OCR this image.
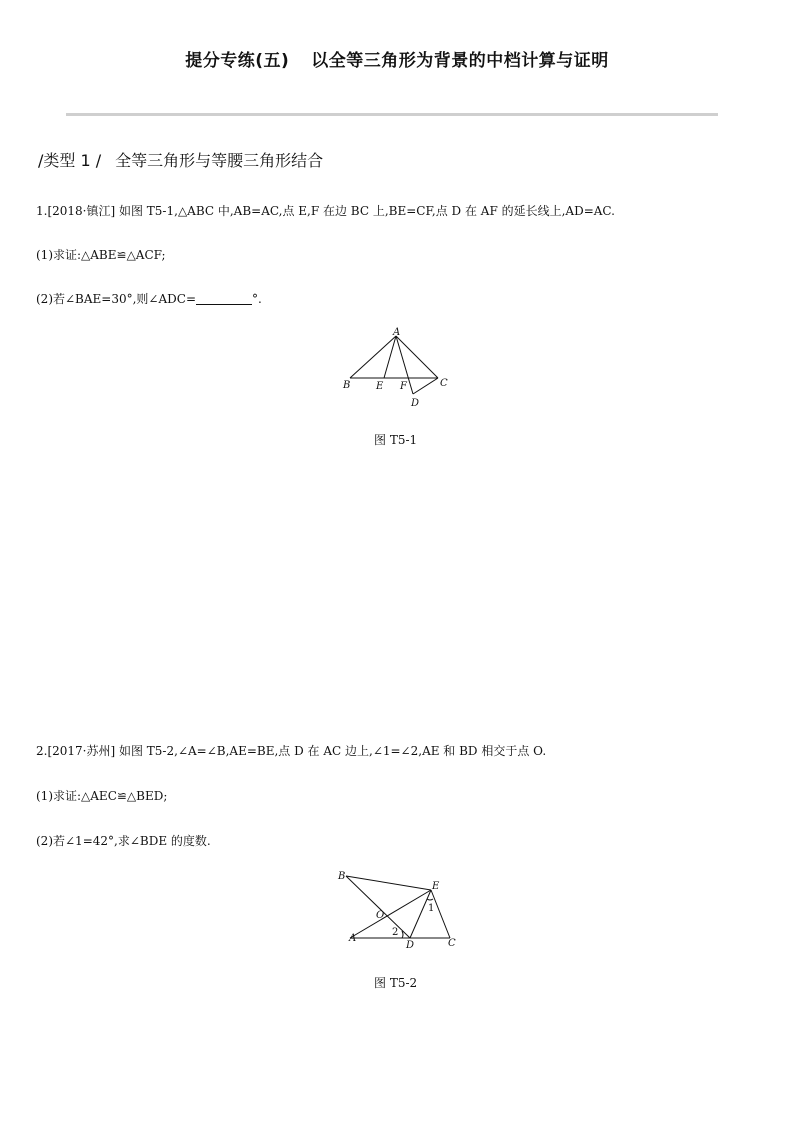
提分专练(五) 以全等三角形为背景的中档计算与证明
/类型 1 / 全等三角形与等腰三角形结合
1.[2018·镇江] 如图 T5-1,△ABC 中,AB=AC,点 E,F 在边 BC 上,BE=CF,点 D 在 AF 的延长线上,AD=AC.
(1)求证:△ABE≌△ACF;
(2)若∠BAE=30°,则∠ADC=	°.
A
B	E F	C
D
图 T5-1
2.[2017·苏州] 如图 T5-2,∠A=∠B,AE=BE,点 D 在 AC 边上,∠1=∠2,AE 和 BD 相交于点 O.
(1)求证:△AEC≌△BED;
(2)若∠1=42°,求∠BDE 的度数.
B
E
O
1
2
A
D	C
图 T5-2
